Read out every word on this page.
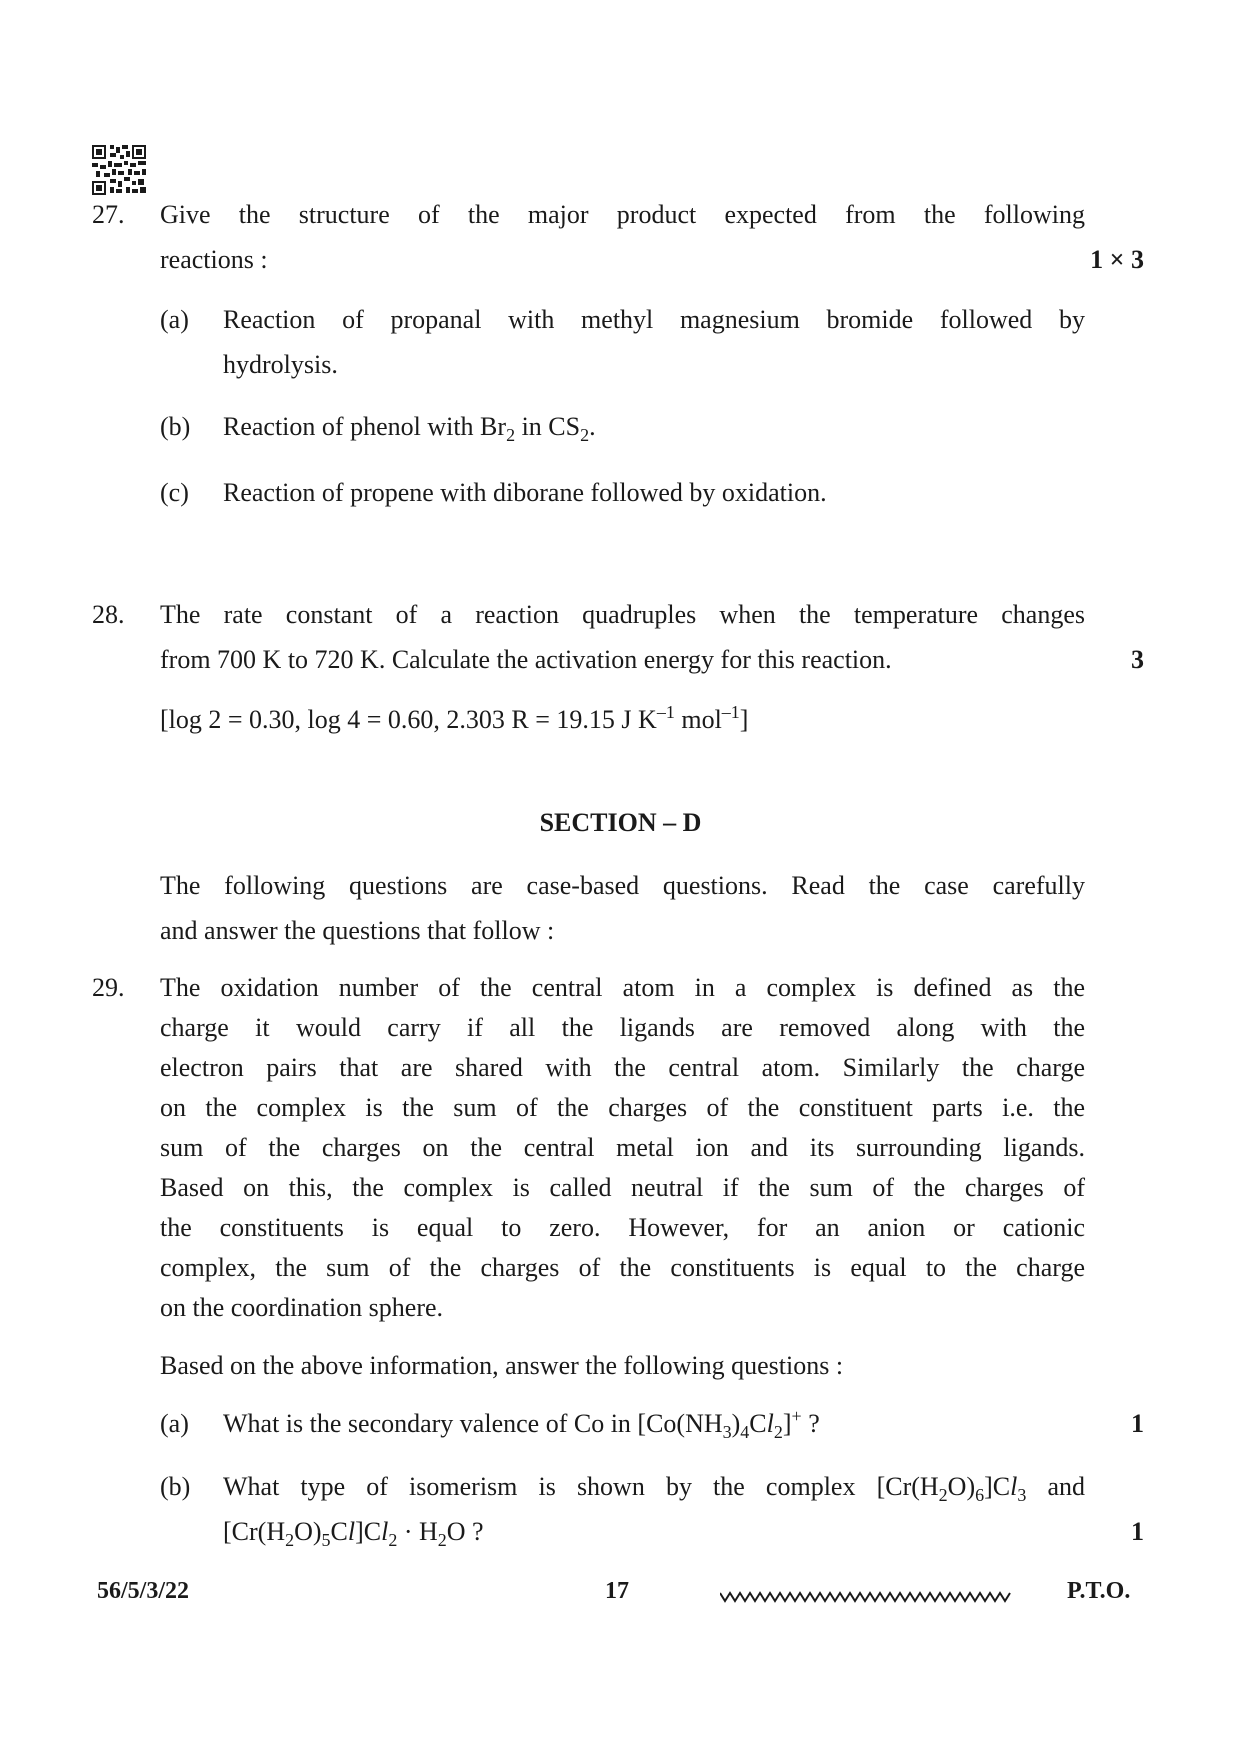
27. Give the structure of the major product expected from the following
reactions :	1 × 3
(a) Reaction of propanal with methyl magnesium bromide followed by
hydrolysis.
(b) Reaction of phenol with $Br_2$ in $CS_2$.
(c) Reaction of propene with diborane followed by oxidation.
28. The rate constant of a reaction quadruples when the temperature changes
from 700 K to 720 K. Calculate the activation energy for this reaction.
[log 2 = 0.30, log 4 = 0.60, 2.303 R = 19.15 J $K^{-1}$ mol$^{-1}$]
3
SECTION – D
The following questions are case-based questions. Read the case carefully
and answer the questions that follow :
29. The oxidation number of the central atom in a complex is defined as the
charge it would carry if all the ligands are removed along with the
electron pairs that are shared with the central atom. Similarly the charge
on the complex is the sum of the charges of the constituent parts i.e. the
sum of the charges on the central metal ion and its surrounding ligands.
Based on this, the complex is called neutral if the sum of the charges of
the constituents is equal to zero. However, for an anion or cationic
complex, the sum of the charges of the constituents is equal to the charge
on the coordination sphere.
Based on the above information, answer the following questions :
(a) What is the secondary valence of Co in $[Co(NH_3)_4Cl_2]^+$ ?	1
(b) What type of isomerism is shown by the complex $[Cr(H_2O)_6]Cl_3$ and
$[Cr(H_2O)_5Cl]Cl_2 \cdot H_2O$ ?	1
56/5/3/22	17	P.T.O.
